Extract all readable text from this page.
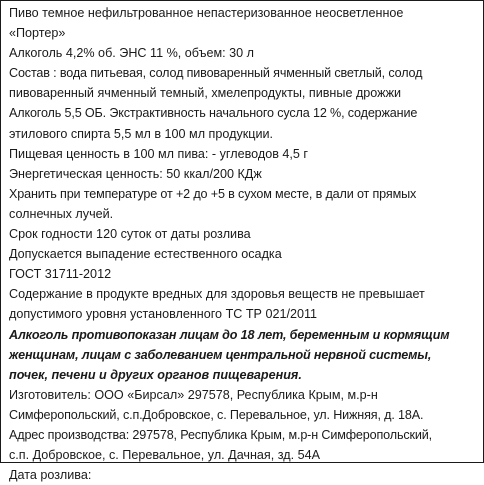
Пиво темное нефильтрованное непастеризованное неосветленное
«Портер»
Алкоголь 4,2% об. ЭНС 11 %, объем: 30 л
Состав : вода питьевая, солод пивоваренный ячменный светлый, солод
пивоваренный ячменный темный, хмелепродукты, пивные дрожжи
Алкоголь 5,5 ОБ. Экстрактивность начального сусла 12 %, содержание
этилового спирта 5,5 мл в 100 мл продукции.
Пищевая ценность в 100 мл пива: - углеводов 4,5 г
Энергетическая ценность: 50 ккал/200 КДж
Хранить при температуре от +2 до +5 в сухом месте, в дали от прямых
солнечных лучей.
Срок годности 120 суток от даты розлива
Допускается выпадение естественного осадка
ГОСТ 31711-2012
Содержание в продукте вредных для здоровья веществ не превышает
допустимого уровня установленного ТС ТР 021/2011
Алкоголь противопоказан лицам до 18 лет, беременным и кормящим
женщинам, лицам с заболеванием центральной нервной системы,
почек, печени и других органов пищеварения.
Изготовитель: ООО «Бирсал» 297578, Республика Крым, м.р-н
Симферопольский, с.п.Добровское, с. Перевальное, ул. Нижняя, д. 18А.
Адрес производства: 297578, Республика Крым, м.р-н Симферопольский,
с.п. Добровское, с. Перевальное, ул. Дачная, зд. 54А
Дата розлива:
